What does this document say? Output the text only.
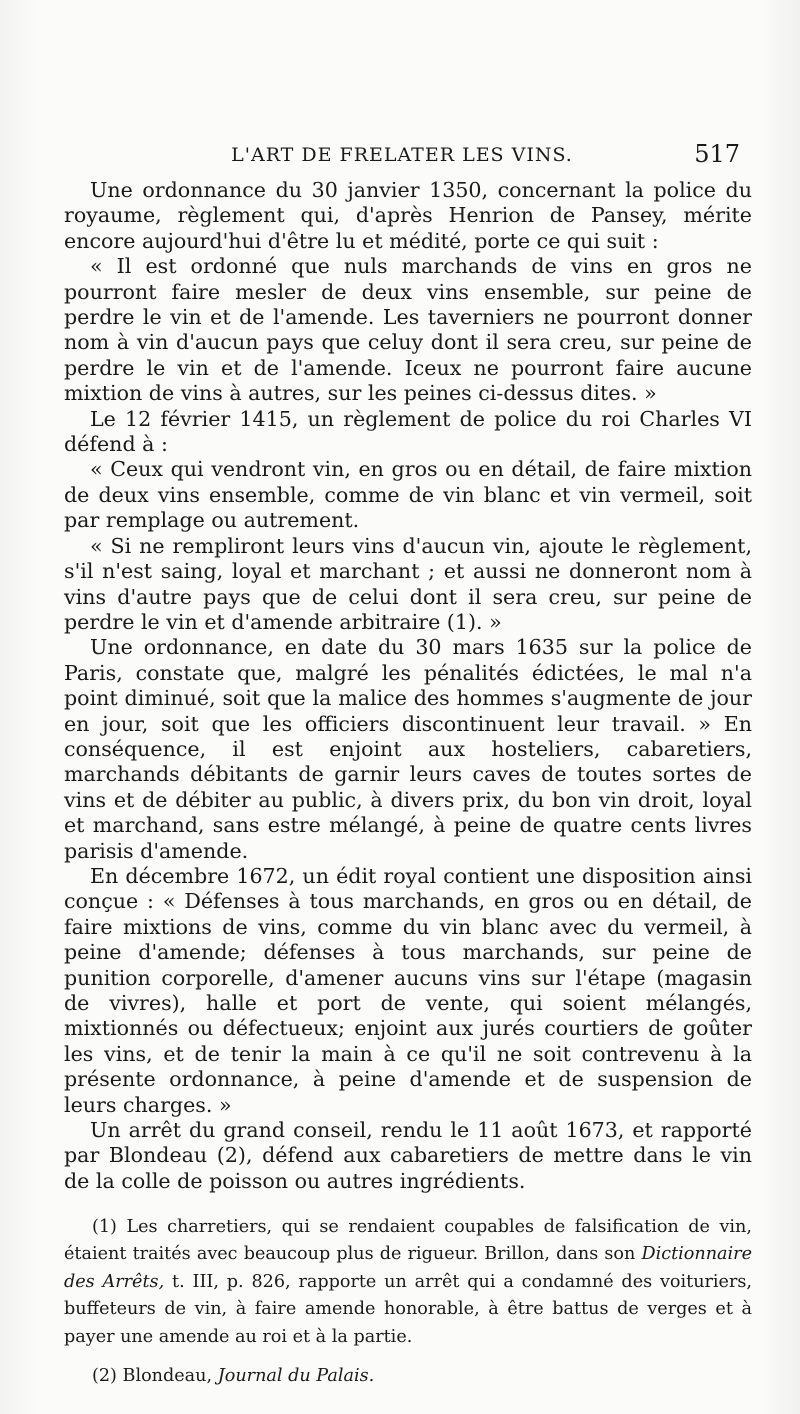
L'ART DE FRELATER LES VINS.	517

Une ordonnance du 30 janvier 1350, concernant la police du royaume, règlement qui, d'après Henrion de Pansey, mérite encore aujourd'hui d'être lu et médité, porte ce qui suit :

« Il est ordonné que nuls marchands de vins en gros ne pourront faire mesler de deux vins ensemble, sur peine de perdre le vin et de l'amende. Les taverniers ne pourront donner nom à vin d'aucun pays que celuy dont il sera creu, sur peine de perdre le vin et de l'amende. Iceux ne pourront faire aucune mixtion de vins à autres, sur les peines ci-dessus dites. »

Le 12 février 1415, un règlement de police du roi Charles VI défend à :

« Ceux qui vendront vin, en gros ou en détail, de faire mixtion de deux vins ensemble, comme de vin blanc et vin vermeil, soit par remplage ou autrement.

« Si ne rempliront leurs vins d'aucun vin, ajoute le règlement, s'il n'est saing, loyal et marchant ; et aussi ne donneront nom à vins d'autre pays que de celui dont il sera creu, sur peine de perdre le vin et d'amende arbitraire (1). »

Une ordonnance, en date du 30 mars 1635 sur la police de Paris, constate que, malgré les pénalités édictées, le mal n'a point diminué, soit que la malice des hommes s'augmente de jour en jour, soit que les officiers discontinuent leur travail. » En conséquence, il est enjoint aux hosteliers, cabaretiers, marchands débitants de garnir leurs caves de toutes sortes de vins et de débiter au public, à divers prix, du bon vin droit, loyal et marchand, sans estre mélangé, à peine de quatre cents livres parisis d'amende.

En décembre 1672, un édit royal contient une disposition ainsi conçue : « Défenses à tous marchands, en gros ou en détail, de faire mixtions de vins, comme du vin blanc avec du vermeil, à peine d'amende; défenses à tous marchands, sur peine de punition corporelle, d'amener aucuns vins sur l'étape (magasin de vivres), halle et port de vente, qui soient mélangés, mixtionnés ou défectueux; enjoint aux jurés courtiers de goûter les vins, et de tenir la main à ce qu'il ne soit contrevenu à la présente ordonnance, à peine d'amende et de suspension de leurs charges. »

Un arrêt du grand conseil, rendu le 11 août 1673, et rapporté par Blondeau (2), défend aux cabaretiers de mettre dans le vin de la colle de poisson ou autres ingrédients.

(1) Les charretiers, qui se rendaient coupables de falsification de vin, étaient traités avec beaucoup plus de rigueur. Brillon, dans son Dictionnaire des Arrêts, t. III, p. 826, rapporte un arrêt qui a condamné des voituriers, buffeteurs de vin, à faire amende honorable, à être battus de verges et à payer une amende au roi et à la partie.

(2) Blondeau, Journal du Palais.
